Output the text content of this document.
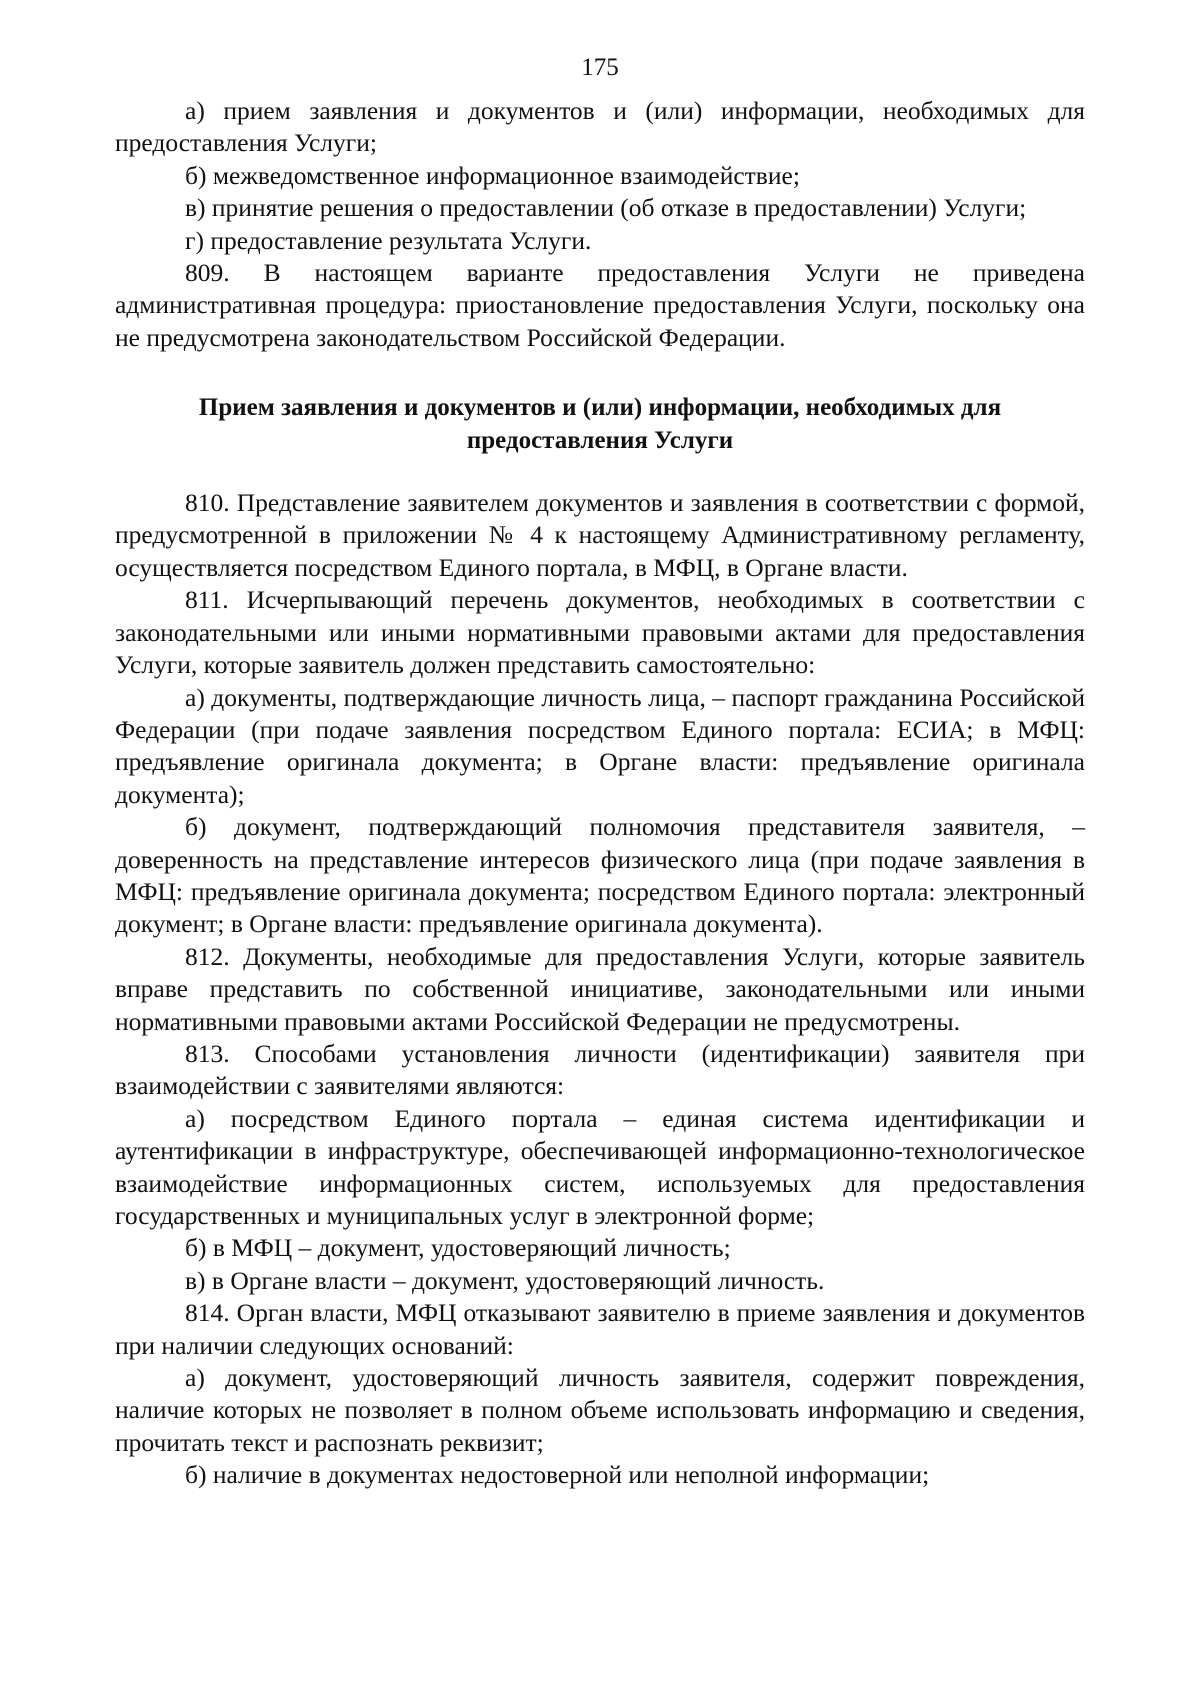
175

а) прием заявления и документов и (или) информации, необходимых для предоставления Услуги;

б) межведомственное информационное взаимодействие;

в) принятие решения о предоставлении (об отказе в предоставлении) Услуги;

г) предоставление результата Услуги.

809. В настоящем варианте предоставления Услуги не приведена административная процедура: приостановление предоставления Услуги, поскольку она не предусмотрена законодательством Российской Федерации.

Прием заявления и документов и (или) информации, необходимых для предоставления Услуги

810. Представление заявителем документов и заявления в соответствии с формой, предусмотренной в приложении № 4 к настоящему Административному регламенту, осуществляется посредством Единого портала, в МФЦ, в Органе власти.

811. Исчерпывающий перечень документов, необходимых в соответствии с законодательными или иными нормативными правовыми актами для предоставления Услуги, которые заявитель должен представить самостоятельно:

а) документы, подтверждающие личность лица, – паспорт гражданина Российской Федерации (при подаче заявления посредством Единого портала: ЕСИА; в МФЦ: предъявление оригинала документа; в Органе власти: предъявление оригинала документа);

б) документ, подтверждающий полномочия представителя заявителя, – доверенность на представление интересов физического лица (при подаче заявления в МФЦ: предъявление оригинала документа; посредством Единого портала: электронный документ; в Органе власти: предъявление оригинала документа).

812. Документы, необходимые для предоставления Услуги, которые заявитель вправе представить по собственной инициативе, законодательными или иными нормативными правовыми актами Российской Федерации не предусмотрены.

813. Способами установления личности (идентификации) заявителя при взаимодействии с заявителями являются:

а) посредством Единого портала – единая система идентификации и аутентификации в инфраструктуре, обеспечивающей информационно-технологическое взаимодействие информационных систем, используемых для предоставления государственных и муниципальных услуг в электронной форме;

б) в МФЦ – документ, удостоверяющий личность;

в) в Органе власти – документ, удостоверяющий личность.

814. Орган власти, МФЦ отказывают заявителю в приеме заявления и документов при наличии следующих оснований:

а) документ, удостоверяющий личность заявителя, содержит повреждения, наличие которых не позволяет в полном объеме использовать информацию и сведения, прочитать текст и распознать реквизит;

б) наличие в документах недостоверной или неполной информации;
